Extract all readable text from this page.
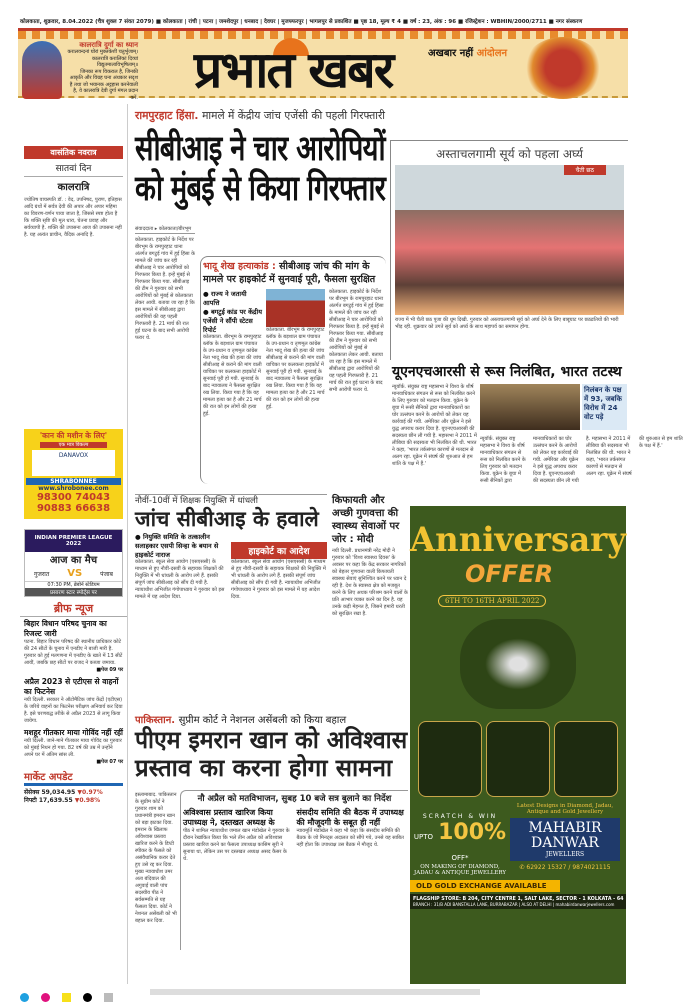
कोलकाता, शुक्रवार, 8.04.2022 (चैत्र शुक्ल 7 संवत 2079) ■ कोलकाता | रांची | पटना | जमशेदपुर | धनबाद | देवघर | मुजफ्फरपुर | भागलपुर से प्रकाशित ■ पृष्ठ 18, मूल्य ₹ 4 ■ वर्ष : 23, अंक : 96 ■ रजिस्ट्रेशन : WBHIN/2000/2711 ■ नगर संस्करण
कालरात्रि दुर्गा का ध्यान
करालवन्दनां घोरां मुक्तकेशीं चतुर्भुजाम्। कालरात्रिं करालिंकां दिव्यां विद्युतमालाविभूषिताम्॥
जिनका रूप विकराल है, जिनकी आकृति और विग्रह घना अंधकार सदृश है तथा जो भयानक अट्टहास करनेवाली है, वे कालरात्रि देवी दुर्गा मंगल प्रदान करें.	प्रभात खबर	अखबार नहीं आंदोलन
वासंतिक नवरात्र
सातवां दिन
कालरात्रि
ज्योतिष वाचस्पति डॉ. : वेद, उपनिषद, पुराण, इतिहास आदि ग्रंथों में सर्वत्र देवी की अपार और अपार महिमा का विवरण-वर्णन पाया जाता है, जिससे स्पष्ट होता है कि शक्ति सृष्टि की मूल धारा, चेतना प्रवाह और सर्वव्यापी है. शक्ति की उपासना आज की उपासना नहीं है. यह अत्यंत प्राचीन, वैदिक अनादि है.
'कान की मशीन के लिए'
एक मात्र विकल्प
DANAVOX
SHRABONNEE
www.shrobonee.com
98300 74043
90883 66638
INDIAN PREMIER LEAGUE 2022
आज का मैच
गुजरात VS	पंजाब
07:30 PM, ब्रेबोर्न स्टेडियम
प्रसारण स्टार स्पोर्ट्स पर
ब्रीफ न्यूज
बिहार विधान परिषद चुनाव का रिजल्ट जारी
पटना. बिहार विधान परिषद की स्थानीय प्राधिकार कोटे की 24 सीटों के चुनाव में एनडीए ने बाजी मारी है. गुरुवार को हुई मतगणना में एनडीए के खाते में 13 सीटें आयीं, जबकि छह सीटों पर राजद ने कब्जा जमाया.
■पेज 09 पर
अप्रैल 2023 से एटीएस से वाहनों का फिटनेस
नयी दिल्ली. सरकार ने ऑटोमैटिक जांच केंद्रों (एटीएस) के जरिये वाहनों का फिटनेस परीक्षण अनिवार्य कर दिया है. इसे चरणबद्ध तरीके से अप्रैल 2023 से लागू किया जायेगा.
मशहूर गीतकार माया गोविंद नहीं रहीं
नयी दिल्ली. जाने-माने गीतकार माया गोविंद का गुरुवार को मुंबई निधन हो गया. 82 वर्ष की उम्र में उन्होंने अपने घर में अंतिम सांस ली.
■पेज 07 पर
मार्केट अपडेट
सेंसेक्स 59,034.95 ▼0.97%
निफ्टी 17,639.55 ▼0.98%
रामपुरहाट हिंसा. मामले में केंद्रीय जांच एजेंसी की पहली गिरफ्तारी
सीबीआइ ने चार आरोपियों
को मुंबई से किया गिरफ्तार
संवाददाता ▸ कोलकाता/बीरभूम
कोलकाता. हाइकोर्ट के निर्देश पर बीरभूम के रामपुरहाट थाना अंतर्गत बगटुई गांव में हुई हिंसा के मामले की जांच कर रही सीबीआइ ने चार आरोपियों को गिरफ्तार किया है. इन्हें मुंबई से गिरफ्तार किया गया. सीबीआइ की टीम ने गुरुवार को सभी आरोपियों को मुंबई से कोलकाता लेकर आयी. बताया जा रहा है कि इस मामले में सीबीआइ द्वारा आरोपियों की यह पहली गिरफ्तारी है. 21 मार्च की रात हुई घटना के बाद सभी आरोपी फरार थे.
भादू शेख हत्याकांड : सीबीआइ जांच की मांग के मामले पर हाइकोर्ट में सुनवाई पूरी, फैसला सुरक्षित
● राज्य ने जतायी आपत्ति
● बगटुई कांड पर केंद्रीय एजेंसी ने सौंपी स्टेटस रिपोर्ट
कोलकाता. बीरभूम के रामपुरहाट ब्लॉक के बड़शाल ग्राम पंचायत के उप-प्रधान व तृणमूल कांग्रेस नेता भादू शेख की हत्या की जांच सीबीआइ से कराने की मांग वाली याचिका पर कलकत्ता हाइकोर्ट में सुनवाई पूरी हो गयी. सुनवाई के बाद न्यायालय ने फैसला सुरक्षित रख लिया. किया गया है कि यह मामला हत्या का है और 21 मार्च की रात को इन लोगों की हत्या हुई.
कोलकाता. बीरभूम के रामपुरहाट ब्लॉक के बड़शाल ग्राम पंचायत के उप-प्रधान व तृणमूल कांग्रेस नेता भादू शेख की हत्या की जांच सीबीआइ से कराने की मांग वाली याचिका पर कलकत्ता हाइकोर्ट में सुनवाई पूरी हो गयी. सुनवाई के बाद न्यायालय ने फैसला सुरक्षित रख लिया. किया गया है कि यह मामला हत्या का है और 21 मार्च की रात को इन लोगों की हत्या हुई.
कोलकाता. हाइकोर्ट के निर्देश पर बीरभूम के रामपुरहाट थाना अंतर्गत बगटुई गांव में हुई हिंसा के मामले की जांच कर रही सीबीआइ ने चार आरोपियों को गिरफ्तार किया है. इन्हें मुंबई से गिरफ्तार किया गया. सीबीआइ की टीम ने गुरुवार को सभी आरोपियों को मुंबई से कोलकाता लेकर आयी. बताया जा रहा है कि इस मामले में सीबीआइ द्वारा आरोपियों की यह पहली गिरफ्तारी है. 21 मार्च की रात हुई घटना के बाद सभी आरोपी फरार थे.
अस्ताचलगामी सूर्य को पहला अर्घ्य
चैती छठ
राज्य में भी चैती छठ पूजा की धूम दिखी. गुरुवार को अस्ताचलगामी सूर्य को अर्घ्य देने के लिए बाबूघाट पर छठव्रतियों की भारी भीड़ रही. शुक्रवार को उगते सूर्य को अर्घ्य के साथ महापर्व का समापन होगा.
यूएनएचआरसी से रूस निलंबित, भारत तटस्थ
न्यूयॉर्क. संयुक्त राष्ट्र महासभा ने विश्व के शीर्ष मानवाधिकार संगठन से रूस को निलंबित करने के लिए गुरुवार को मतदान किया. यूक्रेन के बूचा में रूसी सैनिकों द्वारा मानवाधिकारों का घोर उल्लंघन करने के आरोपों को लेकर यह कार्रवाई की गयी. अमेरिका और यूक्रेन ने इसे युद्ध अपराध करार दिया है. यूएनएचआरसी की सदस्यता छीन ली गयी है. महासभा ने 2011 में लीबिया की सदस्यता भी निलंबित की थी. भारत ने कहा, 'भारत तर्कसंगत कारणों से मतदान से अलग रहा. यूक्रेन में संघर्ष की शुरुआत से हम शांति के पक्ष में हैं.'
निलंबन के पक्ष में 93, जबकि विरोध में 24 वोट पड़े
न्यूयॉर्क. संयुक्त राष्ट्र महासभा ने विश्व के शीर्ष मानवाधिकार संगठन से रूस को निलंबित करने के लिए गुरुवार को मतदान किया. यूक्रेन के बूचा में रूसी सैनिकों द्वारा मानवाधिकारों का घोर उल्लंघन करने के आरोपों को लेकर यह कार्रवाई की गयी. अमेरिका और यूक्रेन ने इसे युद्ध अपराध करार दिया है. यूएनएचआरसी की सदस्यता छीन ली गयी है. महासभा ने 2011 में लीबिया की सदस्यता भी निलंबित की थी. भारत ने कहा, 'भारत तर्कसंगत कारणों से मतदान से अलग रहा. यूक्रेन में संघर्ष की शुरुआत से हम शांति के पक्ष में हैं.'
नौवीं-10वीं में शिक्षक नियुक्ति में धांधली
जांच सीबीआइ के हवाले
● नियुक्ति समिति के तत्कालीन सलाहकार एसपी सिन्हा के बयान से हाइकोर्ट नाराज
कोलकाता. स्कूल सेवा आयोग (एसएससी) के माध्यम से हुए नौवीं-दसवीं के सहायक शिक्षकों की नियुक्ति में भी धांधली के आरोप लगे हैं. इसकी संपूर्ण जांच सीबीआइ को सौंप दी गयी है. न्यायाधीश अभिजीत गंगोपाध्याय ने गुरुवार को इस मामले में यह आदेश दिया.
हाइकोर्ट का आदेश
कोलकाता. स्कूल सेवा आयोग (एसएससी) के माध्यम से हुए नौवीं-दसवीं के सहायक शिक्षकों की नियुक्ति में भी धांधली के आरोप लगे हैं. इसकी संपूर्ण जांच सीबीआइ को सौंप दी गयी है. न्यायाधीश अभिजीत गंगोपाध्याय ने गुरुवार को इस मामले में यह आदेश दिया.
किफायती और अच्छी गुणवत्ता की स्वास्थ्य सेवाओं पर जोर : मोदी
नयी दिल्ली. प्रधानमंत्री नरेंद्र मोदी ने गुरुवार को 'विश्व स्वास्थ्य दिवस' के अवसर पर कहा कि केंद्र सरकार नागरिकों को बेहतर गुणवत्ता वाली किफायती स्वास्थ्य सेवाएं सुनिश्चित करने पर ध्यान दे रही है. देश के स्वास्थ्य क्षेत्र को मजबूत करने के लिए अथक परिश्रम करने वालों के प्रति आभार व्यक्त करने का दिन है. यह उनके कड़ी मेहनत है, जिसने हमारी धरती को सुरक्षित रखा है.
पाकिस्तान. सुप्रीम कोर्ट ने नेशनल असेंबली को किया बहाल
पीएम इमरान खान को अविश्वास
प्रस्ताव का करना होगा सामना
इस्लामाबाद. पाकिस्तान के सुप्रीम कोर्ट ने गुरुवार शाम को प्रधानमंत्री इमरान खान को बड़ा झटका दिया. इमरान के खिलाफ अविश्वास प्रस्ताव खारिज करने के डिप्टी स्पीकर के फैसले को असंवैधानिक करार देते हुए उसे रद्द कर दिया. मुख्य न्यायाधीश उमर अता बंदियाल की अगुवाई वाली पांच सदस्यीय पीठ ने सर्वसम्मति से यह फैसला दिया. कोर्ट ने नेशनल असेंबली को भी बहाल कर दिया.
नौ अप्रैल को मतविभाजन, सुबह 10 बजे सत्र बुलाने का निर्देश
अविश्वास प्रस्ताव खारिज किया उपाध्यक्ष ने, दस्तखत अध्यक्ष के
पीठ ने शामिल न्यायाधीश जमाल खान मंडोखेल ने गुरुवार के दौरान रेखांकित किया कि भले तीन अप्रैल को अविश्वास प्रस्ताव खारिज करने का फैसला उपाध्यक्ष कासिम सूरी ने सुनाया था, लेकिन उस पर दस्तखत अध्यक्ष असद कैसर के थे.
संसदीय समिति की बैठक में उपाध्यक्ष की मौजूदगी के सबूत ही नहीं
न्यायमूर्ति मंडोखेल ने कहा भी कहा कि संसदीय समिति की बैठक के जो मिनट्स अदालत को सौंपे गये, उनसे यह साबित नहीं होता कि उपाध्यक्ष उस बैठक में मौजूद थे.
Anniversary
OFFER
6TH TO 16TH APRIL 2022
SCRATCH & WIN
UPTO 100% OFF*
ON MAKING OF DIAMOND, JADAU & ANTIQUE JEWELLERY
Latest Designs in Diamond, Jadau, Antique and Gold Jewellery
MAHABIR
DANWAR
JEWELLERS
✆ 62922 15327 / 9874021115
OLD GOLD EXCHANGE AVAILABLE
FLAGSHIP STORE: B 204, CITY CENTRE 1, SALT LAKE, SECTOR - 1 KOLKATA - 64
BRANCH : 31/B ADI BANSTALLA LANE, BURRABAZAR | ALSO AT DELHI | mahabirdanwarjewellers.com
